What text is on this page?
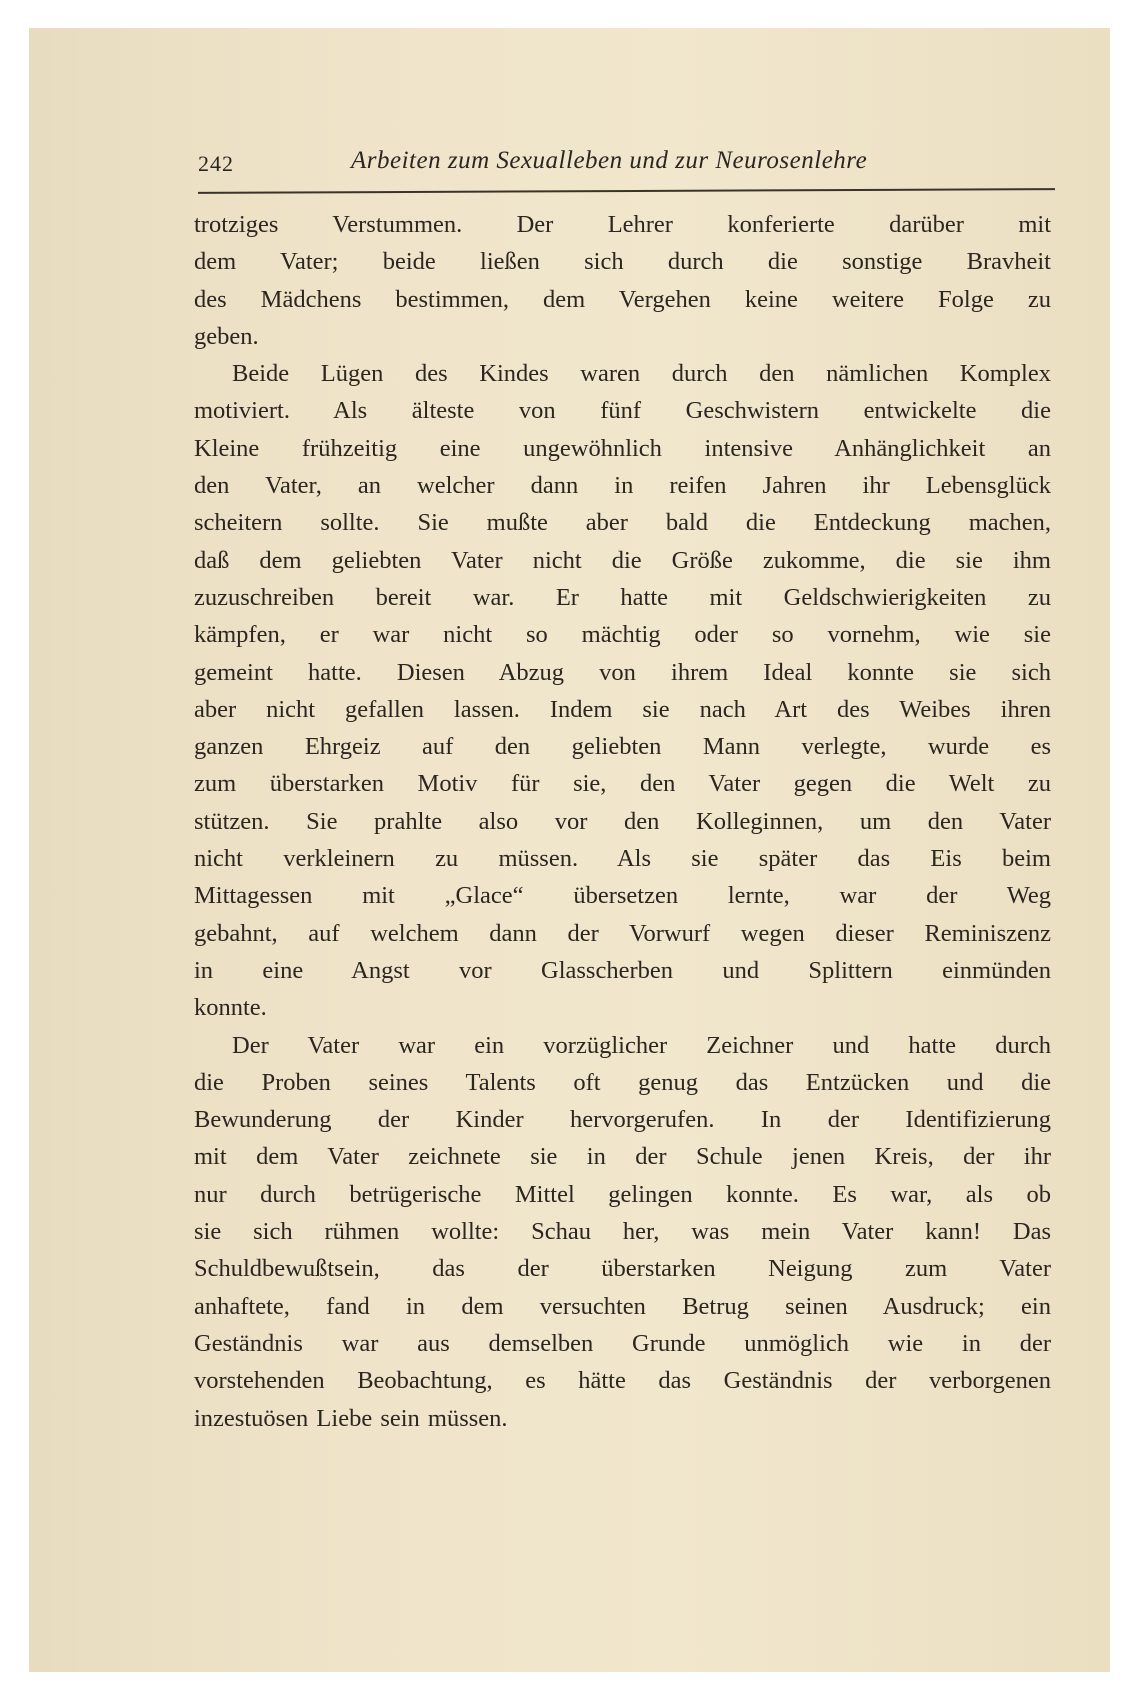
242	Arbeiten zum Sexualleben und zur Neurosenlehre
trotziges Verstummen. Der Lehrer konferierte darüber mit
dem Vater; beide ließen sich durch die sonstige Bravheit
des Mädchens bestimmen, dem Vergehen keine weitere Folge zu
geben.
Beide Lügen des Kindes waren durch den nämlichen Komplex
motiviert. Als älteste von fünf Geschwistern entwickelte die
Kleine frühzeitig eine ungewöhnlich intensive Anhänglichkeit an
den Vater, an welcher dann in reifen Jahren ihr Lebensglück
scheitern sollte. Sie mußte aber bald die Entdeckung machen,
daß dem geliebten Vater nicht die Größe zukomme, die sie ihm
zuzuschreiben bereit war. Er hatte mit Geldschwierigkeiten zu
kämpfen, er war nicht so mächtig oder so vornehm, wie sie
gemeint hatte. Diesen Abzug von ihrem Ideal konnte sie sich
aber nicht gefallen lassen. Indem sie nach Art des Weibes ihren
ganzen Ehrgeiz auf den geliebten Mann verlegte, wurde es
zum überstarken Motiv für sie, den Vater gegen die Welt zu
stützen. Sie prahlte also vor den Kolleginnen, um den Vater
nicht verkleinern zu müssen. Als sie später das Eis beim
Mittagessen mit „Glace“ übersetzen lernte, war der Weg
gebahnt, auf welchem dann der Vorwurf wegen dieser Reminiszenz
in eine Angst vor Glasscherben und Splittern einmünden
konnte.
Der Vater war ein vorzüglicher Zeichner und hatte durch
die Proben seines Talents oft genug das Entzücken und die
Bewunderung der Kinder hervorgerufen. In der Identifizierung
mit dem Vater zeichnete sie in der Schule jenen Kreis, der ihr
nur durch betrügerische Mittel gelingen konnte. Es war, als ob
sie sich rühmen wollte: Schau her, was mein Vater kann! Das
Schuldbewußtsein, das der überstarken Neigung zum Vater
anhaftete, fand in dem versuchten Betrug seinen Ausdruck; ein
Geständnis war aus demselben Grunde unmöglich wie in der
vorstehenden Beobachtung, es hätte das Geständnis der verborgenen
inzestuösen Liebe sein müssen.
